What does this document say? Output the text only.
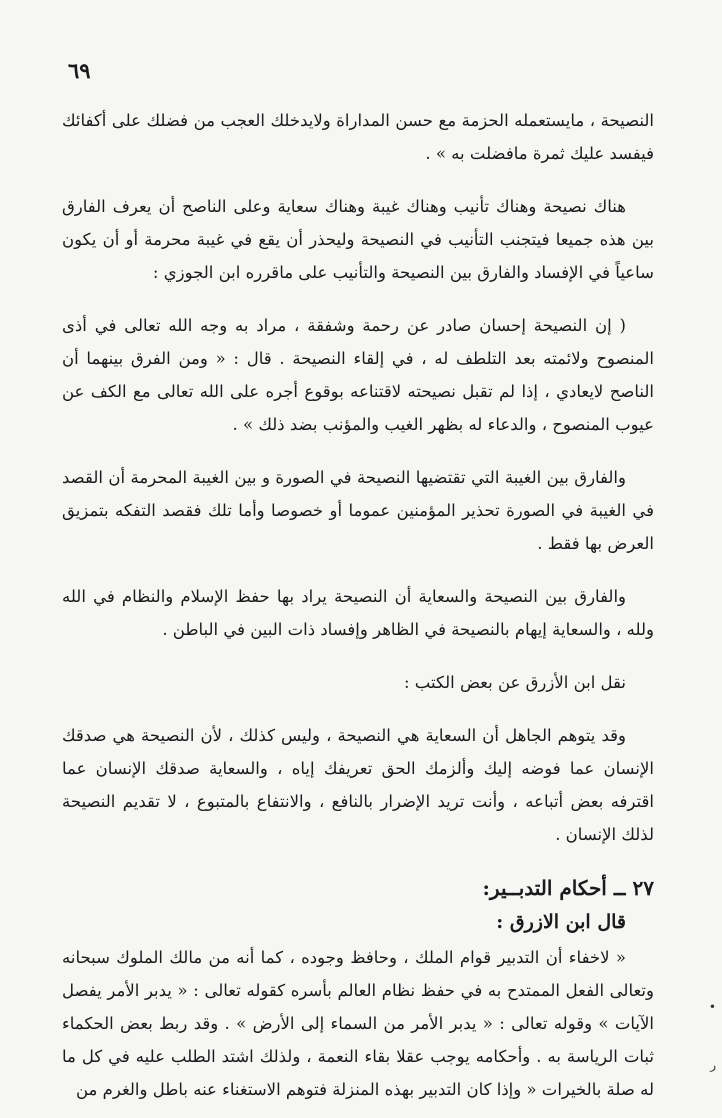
٦٩

النصيحة ، مايستعمله الحزمة مع حسن المداراة ولايدخلك العجب من فضلك على أكفائك فيفسد عليك ثمرة مافضلت به » .

هناك نصيحة وهناك تأنيب وهناك غيبة وهناك سعاية وعلى الناصح أن يعرف الفارق بين هذه جميعا فيتجنب التأنيب في النصيحة وليحذر أن يقع في غيبة محرمة أو أن يكون ساعياً في الإفساد والفارق بين النصيحة والتأنيب على ماقرره ابن الجوزي :

( إن النصيحة إحسان صادر عن رحمة وشفقة ، مراد به وجه الله تعالى في أذى المنصوح ولائمته بعد التلطف له ، في إلقاء النصيحة . قال : « ومن الفرق بينهما أن الناصح لايعادي ، إذا لم تقبل نصيحته لاقتناعه بوقوع أجره على الله تعالى مع الكف عن عيوب المنصوح ، والدعاء له بظهر الغيب والمؤنب بضد ذلك » .

والفارق بين الغيبة التي تقتضيها النصيحة في الصورة و بين الغيبة المحرمة أن القصد في الغيبة في الصورة تحذير المؤمنين عموما أو خصوصا وأما تلك فقصد التفكه بتمزيق العرض بها فقط .

والفارق بين النصيحة والسعاية أن النصيحة يراد بها حفظ الإسلام والنظام في الله ولله ، والسعاية إيهام بالنصيحة في الظاهر وإفساد ذات البين في الباطن .

نقل ابن الأزرق عن بعض الكتب :

وقد يتوهم الجاهل أن السعاية هي النصيحة ، وليس كذلك ، لأن النصيحة هي صدقك الإنسان عما فوضه إليك وألزمك الحق تعريفك إياه ، والسعاية صدقك الإنسان عما اقترفه بعض أتباعه ، وأنت تريد الإضرار بالنافع ، والانتفاع بالمتبوع ، لا تقديم النصيحة لذلك الإنسان .

٢٧ ــ أحكام التدبــير:
قال ابن الازرق :

« لاخفاء أن التدبير قوام الملك ، وحافظ وجوده ، كما أنه من مالك الملوك سبحانه وتعالى الفعل الممتدح به في حفظ نظام العالم بأسره كقوله تعالى : « يدبر الأمر يفصل الآيات » وقوله تعالى : « يدبر الأمر من السماء إلى الأرض » . وقد ربط بعض الحكماء ثبات الرياسة به . وأحكامه يوجب عقلا بقاء النعمة ، ولذلك اشتد الطلب عليه في كل ما له صلة بالخيرات « وإذا كان التدبير بهذه المنزلة فتوهم الاستغناء عنه باطل والغرم من

•
ر
